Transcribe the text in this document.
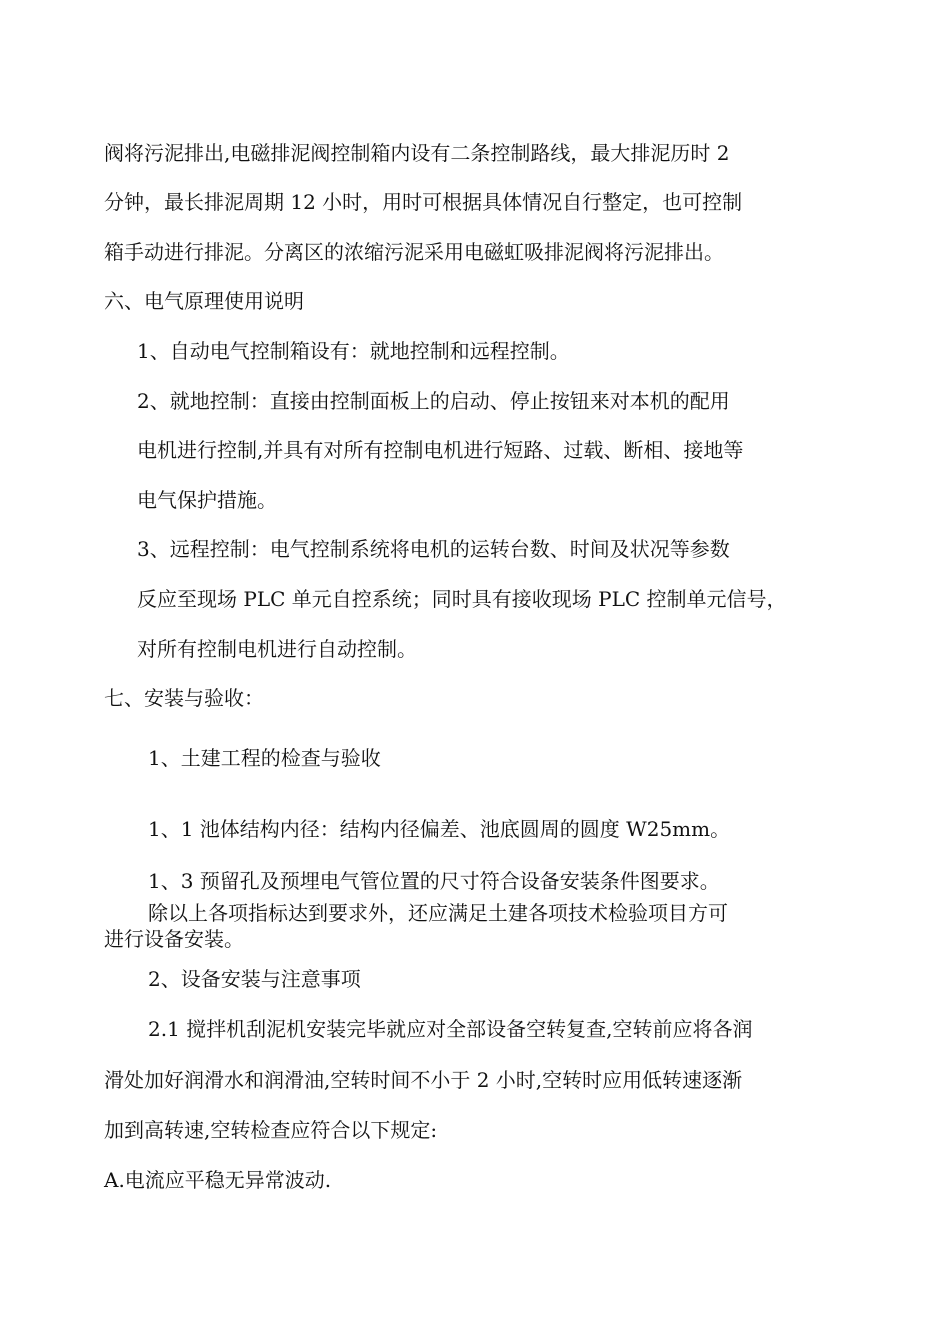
阀将污泥排出,电磁排泥阀控制箱内设有二条控制路线，最大排泥历时 2
分钟，最长排泥周期 12 小时，用时可根据具体情况自行整定，也可控制
箱手动进行排泥。分离区的浓缩污泥采用电磁虹吸排泥阀将污泥排出。
六、电气原理使用说明
1、自动电气控制箱设有：就地控制和远程控制。
2、就地控制：直接由控制面板上的启动、停止按钮来对本机的配用
电机进行控制,并具有对所有控制电机进行短路、过载、断相、接地等
电气保护措施。
3、远程控制：电气控制系统将电机的运转台数、时间及状况等参数
反应至现场 PLC 单元自控系统；同时具有接收现场 PLC 控制单元信号，
对所有控制电机进行自动控制。
七、安装与验收：
1、土建工程的检查与验收
1、1 池体结构内径：结构内径偏差、池底圆周的圆度 W25mm。
1、3 预留孔及预埋电气管位置的尺寸符合设备安装条件图要求。
除以上各项指标达到要求外，还应满足土建各项技术检验项目方可
进行设备安装。
2、设备安装与注意事项
2.1 搅拌机刮泥机安装完毕就应对全部设备空转复查,空转前应将各润
滑处加好润滑水和润滑油,空转时间不小于 2 小时,空转时应用低转速逐渐
加到高转速,空转检查应符合以下规定:
A.电流应平稳无异常波动.
